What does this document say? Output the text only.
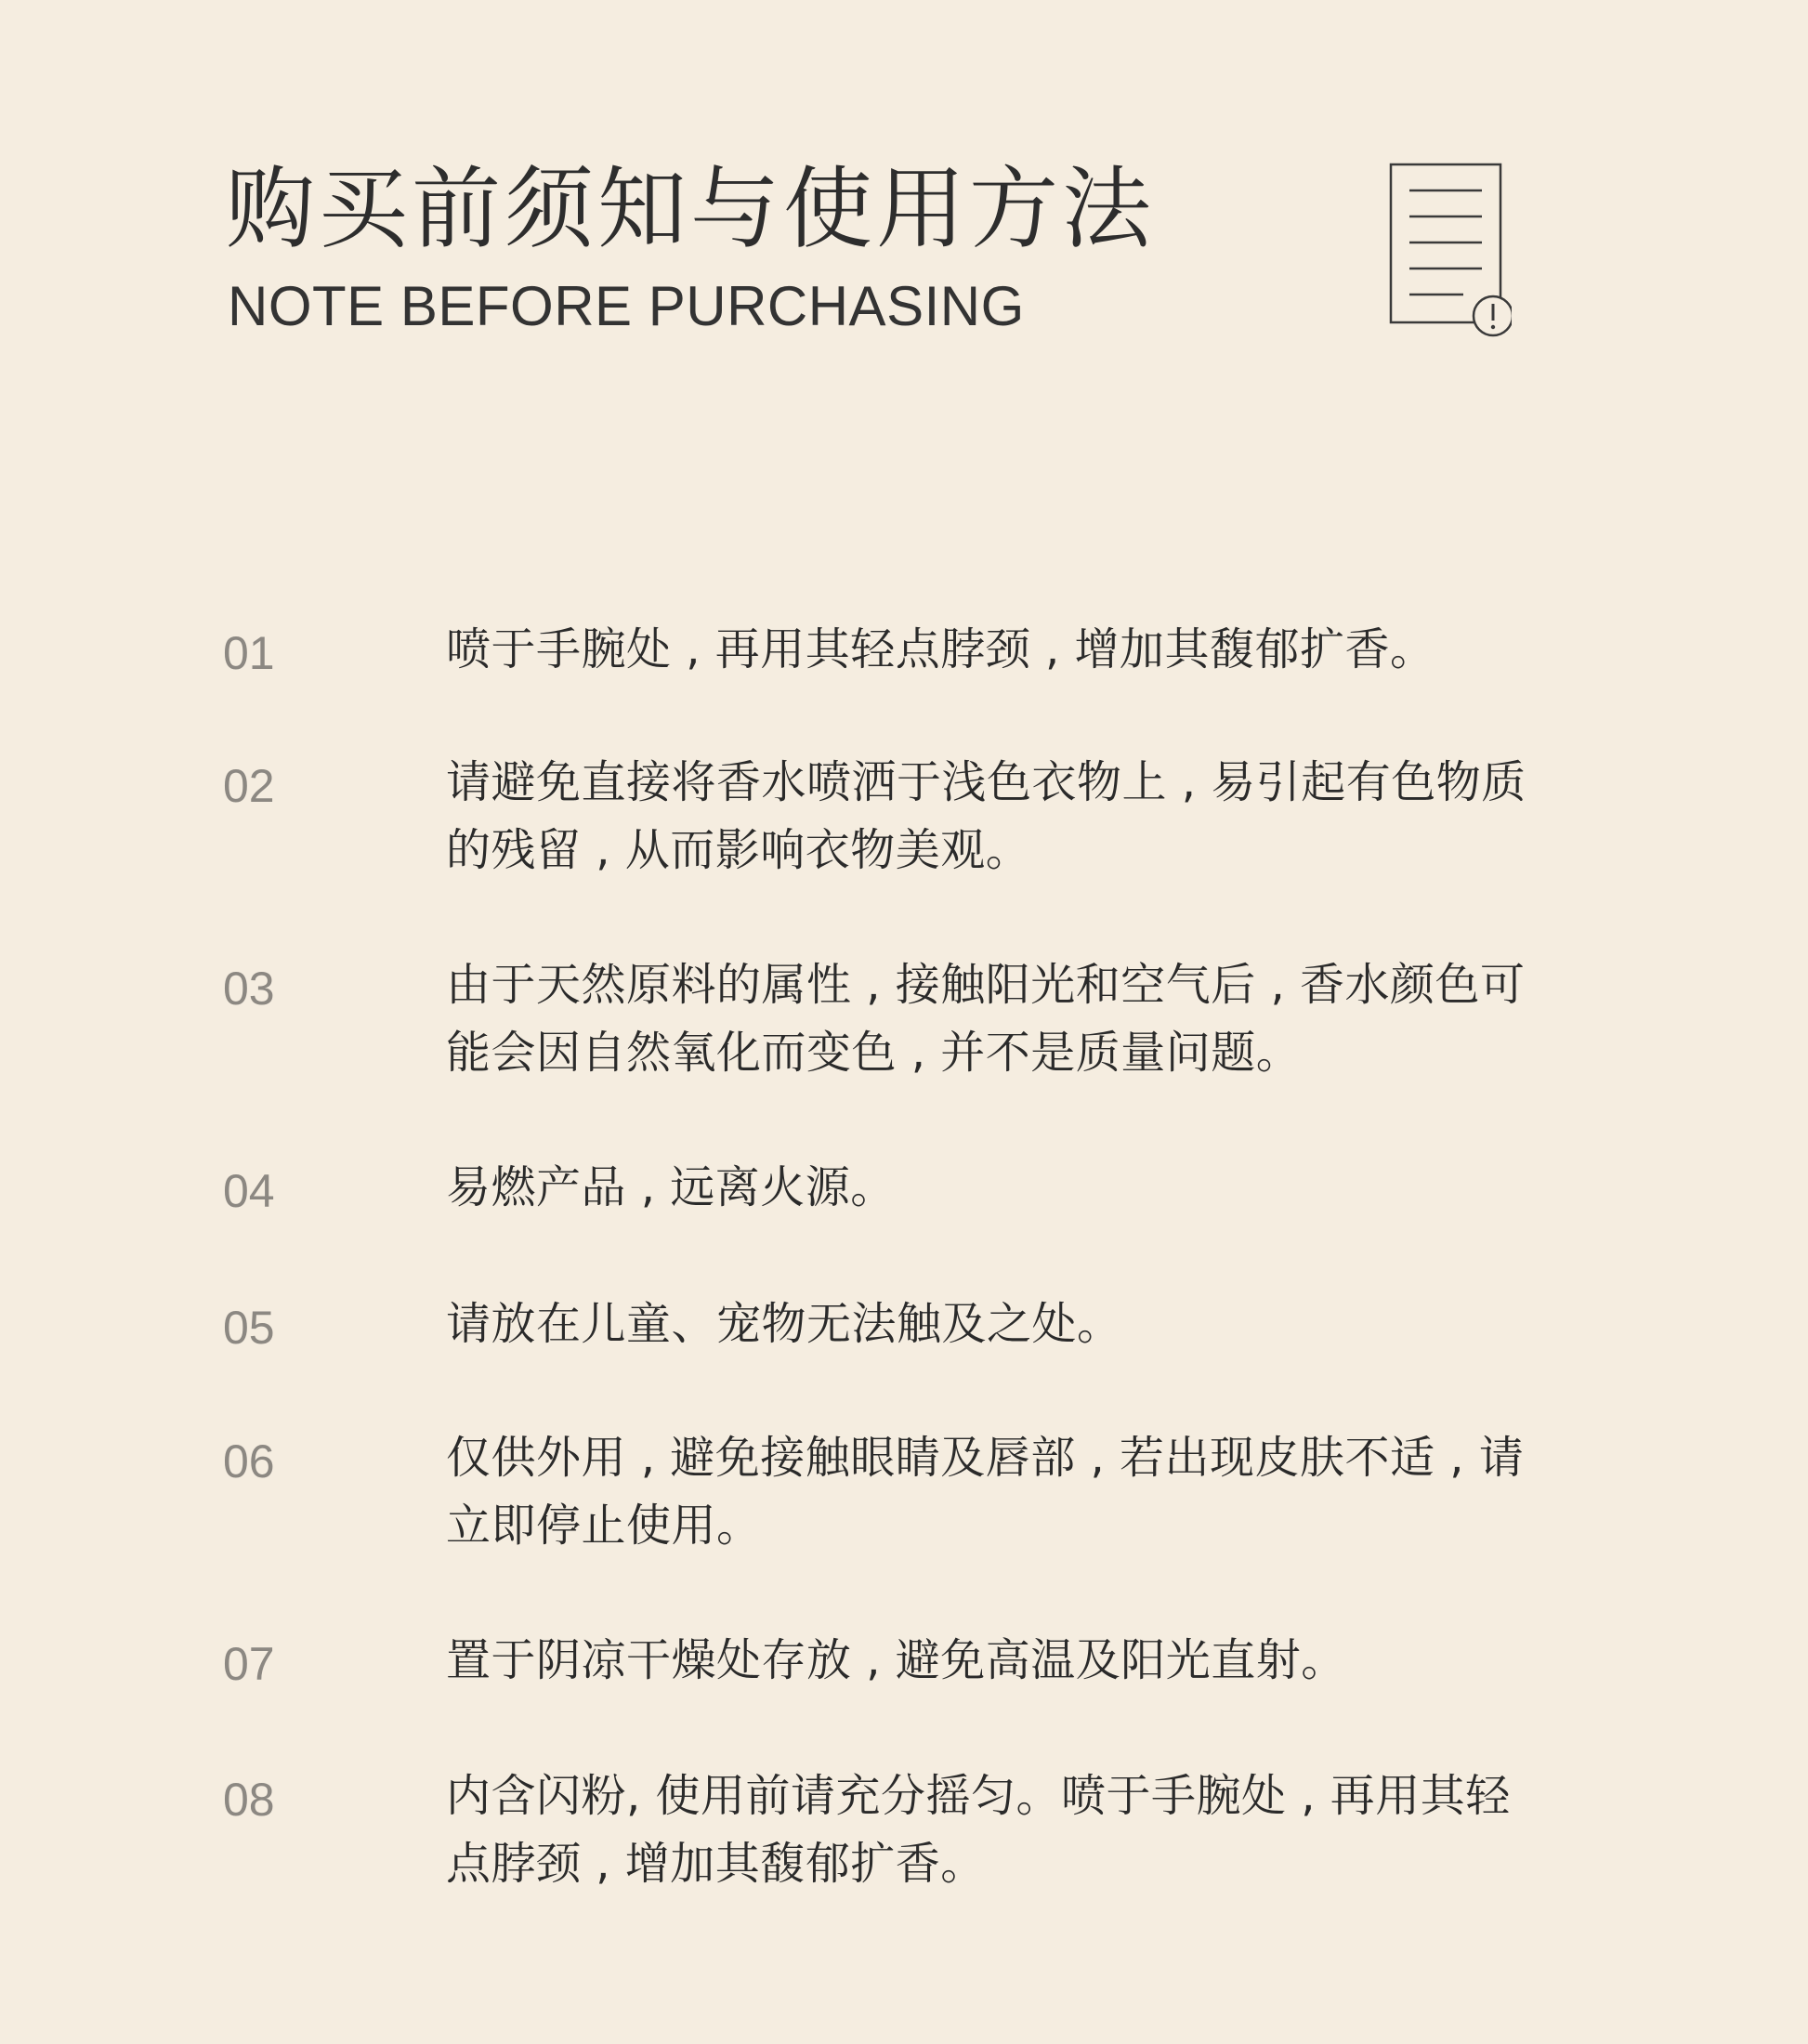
购买前须知与使用方法
NOTE BEFORE PURCHASING
01	喷于手腕处 , 再用其轻点脖颈 , 增加其馥郁扩香。
02	请避免直接将香水喷洒于浅色衣物上 , 易引起有色物质的残留 , 从而影响衣物美观。
03	由于天然原料的属性 , 接触阳光和空气后 , 香水颜色可能会因自然氧化而变色 , 并不是质量问题。
04	易燃产品 , 远离火源。
05	请放在儿童、宠物无法触及之处。
06	仅供外用 , 避免接触眼睛及唇部 , 若出现皮肤不适 , 请立即停止使用。
07	置于阴凉干燥处存放 , 避免高温及阳光直射。
08	内含闪粉, 使用前请充分摇匀。喷于手腕处 , 再用其轻点脖颈 , 增加其馥郁扩香。
